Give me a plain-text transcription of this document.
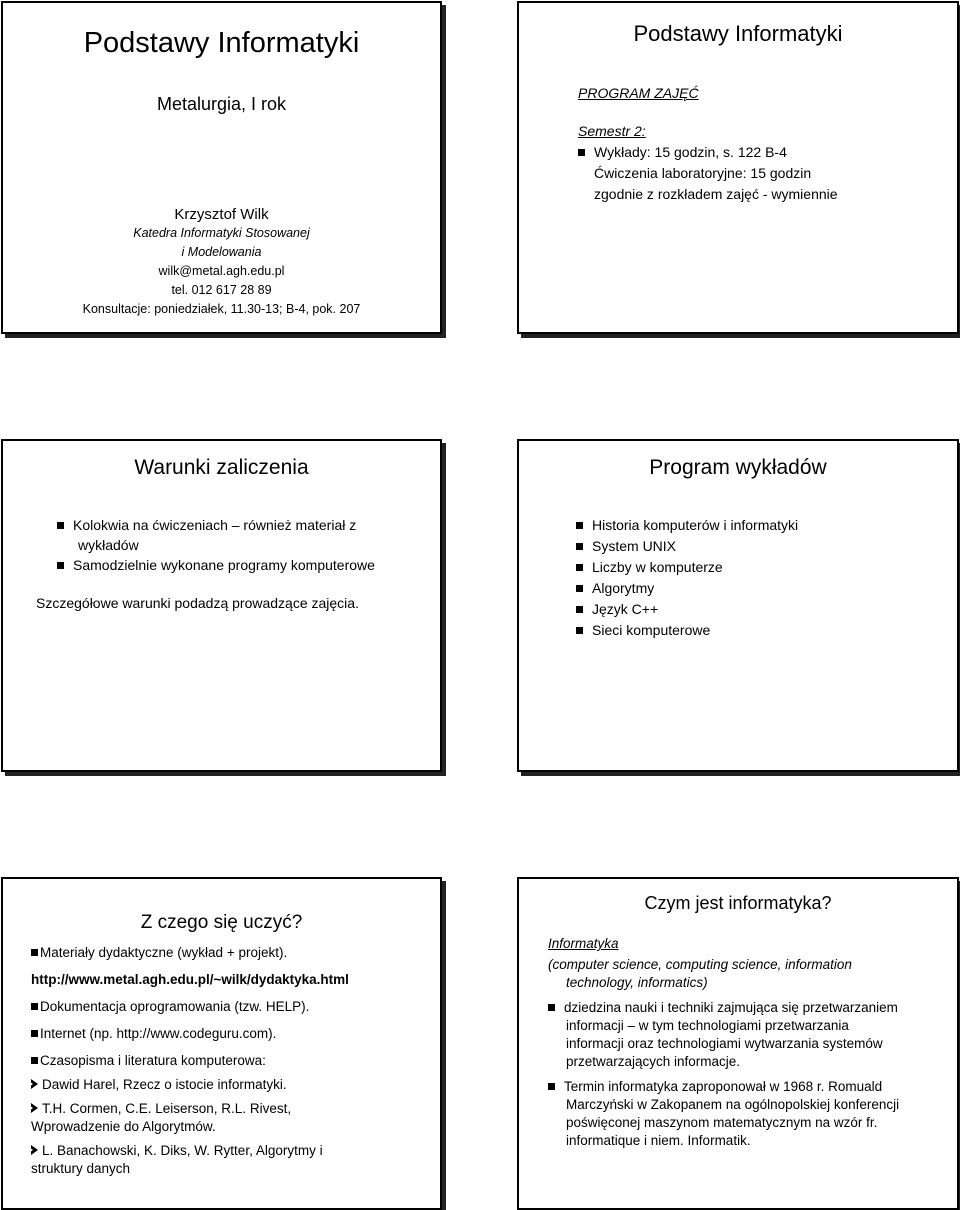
Podstawy Informatyki
Metalurgia, I rok

Krzysztof Wilk

Katedra Informatyki Stosowanej

i Modelowania

wilk@metal.agh.edu.pl

tel. 012 617 28 89

Konsultacje: poniedziałek, 11.30-13; B-4, pok. 207

Podstawy Informatyki

PROGRAM ZAJĘĆ

Semestr 2:

Wykłady: 15 godzin, s. 122 B-4

Ćwiczenia laboratoryjne: 15 godzin

zgodnie z rozkładem zajęć - wymiennie

Warunki zaliczenia

Kolokwia na ćwiczeniach – również materiał z

wykładów

Samodzielnie wykonane programy komputerowe

Szczegółowe warunki podadzą prowadzące zajęcia.

Program wykładów

Historia komputerów i informatyki

System UNIX

Liczby w komputerze

Algorytmy

Język C++

Sieci komputerowe

Z czego się uczyć?

Materiały dydaktyczne (wykład + projekt).

http://www.metal.agh.edu.pl/~wilk/dydaktyka.html

Dokumentacja oprogramowania (tzw. HELP).

Internet (np. http://www.codeguru.com).

Czasopisma i literatura komputerowa:

Dawid Harel, Rzecz o istocie informatyki.

T.H. Cormen, C.E. Leiserson, R.L. Rivest,

Wprowadzenie do Algorytmów.

L. Banachowski, K. Diks, W. Rytter, Algorytmy i

struktury danych

Czym jest informatyka?

Informatyka

(computer science, computing science, information

technology, informatics)

dziedzina nauki i techniki zajmująca się przetwarzaniem

informacji – w tym technologiami przetwarzania

informacji oraz technologiami wytwarzania systemów

przetwarzających informacje.

Termin informatyka zaproponował w 1968 r. Romuald

Marczyński w Zakopanem na ogólnopolskiej konferencji

poświęconej maszynom matematycznym na wzór fr.

informatique i niem. Informatik.
